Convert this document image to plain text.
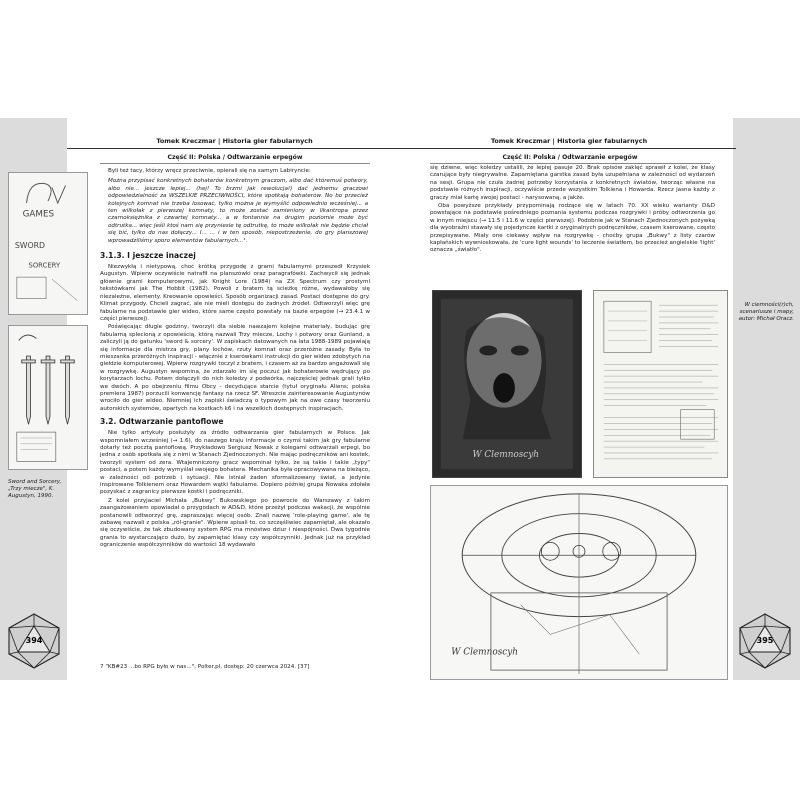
394	395
Tomek Kreczmar | Historia gier fabularnych	Tomek Kreczmar | Historia gier fabularnych
Część II: Polska / Odtwarzanie erpegów	Część II: Polska / Odtwarzanie erpegów
GAMES
SWORD
SORCERY
Sword and Sorcery, „Trzy miecze", K. Augustyn, 1990.

Byli też tacy, którzy wręcz przeciwnie, opierali się na samym Labiryncie:

Można przypisać konkretnych bohaterów konkretnym graczom, albo dać któremuś potwory, albo nie... jeszcze lepiej... (hej! To brzmi jak rewolucja!) dać jednemu graczowi odpowiedzialność za WSZELKIE PRZECIWNOŚCI, które spotkają bohaterów. No bo przecież kolejnych komnat nie trzeba losować, tylko można je wymyślić odpowiednio wcześniej... a ten wilkołak z pierwszej komnaty, to może zostać zamieniony w likantropa przez czarnoksiężnika z czwartej komnaty... a w fontannie na drugim poziomie może być odtrutka... więc jeśli ktoś nam się przyniesie tę odtrutkę, to może wilkołak nie będzie chciał się bić, tylko do nas dołączy... I... ... i w ten sposób, niepostrzeżenie, do gry planszowej wprowadziliśmy sporo elementów fabularnych...¹.

3.1.3. I jeszcze inaczej

Niezwykłą i nietypową, choć krótką przygodę z grami fabularnymi przeszedł Krzysiek Augustyn. Wpierw oczywiście natrafił na planszówki oraz paragrafówki. Zachwycił się jednak głównie grami komputerowymi, jak Knight Lore (1984) na ZX Spectrum czy prostymi tekstówkami jak The Hobbit (1982). Powoli z bratem tą scieżkę różne, wydawałoby się niezależne, elementy. Kreowanie opowieści. Sposób organizacji zasad. Postaci dostępne do gry. Klimat przygody. Chcieli zagrać, ale nie mieli dostępu do żadnych źródeł. Odtworzyli więc grę fabularne na podstawie gier wideo, które same często powstały na bazie erpegów (→ 23.4.1 w części pierwszej).

Poświęcając długie godziny, tworzyli dla siebie nawzajem kolejne materiały, budując grę fabularną splecioną z opowieścią, którą nazwali Trzy miecze, Lochy i potwory oraz Gunland, a zaliczyli ją do gatunku 'sword & sorcery'. W zapiskach datowanych na lata 1988-1989 pojawiają się informacje dla mistrza gry, plany lochów, rzuty komnat oraz przeróżne zasady. Była to mieszanka przeróżnych inspiracji - włącznie z kserówkami instrukcji do gier wideo zdobytych na giełdzie komputerowej. Wpierw rozgrywki toczył z bratem, i czasem aż za bardzo angażowali się w rozgrywkę. Augustyn wspomina, że zdarzało im się poczuć jak bohaterowie wędrujący po korytarzach lochu. Potem dołączyli do nich koledzy z podwórka, najczęściej jednak grali tylko we dwóch. A po obejrzeniu filmu Obcy - decydujące starcie (tytuł oryginału Aliens; polska premiera 1987) porzucili konwencję fantasy na rzecz SF. Wreszcie zainteresowanie Augustynów wrociło do gier wideo. Niemniej ich zapiski świadczą o typowym jak na owe czasy tworzeniu autorskich systemów, opartych na kostkach k6 i na wszelkich dostępnych inspiracjach.

3.2. Odtwarzanie pantoflowe

Nie tylko artykuły posłużyły za źródło odtwarzania gier fabularnych w Polsce. Jak wspomniałem wcześniej (→ 1.6), do naszego kraju informacje o czymś takim jak gry fabularne dotarły też pocztą pantoflową. Przykładowo Sergiusz Nowak z kolegami odtwarzali erpegi, bo jedna z osób spotkała się z nimi w Stanach Zjednoczonych. Nie mając podręczników ani kostek, tworzyli system od zera. Wtajemniczony gracz wspominał tylko, że są takie i takie „typy" postaci, a potem każdy wymyślał swojego bohatera. Mechanika była opracowywana na bieżąco, w zależności od potrzeb i sytuacji. Nie istniał żaden sformalizowany świat, a jedynie inspirowane Tolkienem oraz Howardem wątki fabularne. Dopiero później grupa Nowaka zdołała pozyskać z zagranicy pierwsze kostki i podręczniki.

Z kolei przyjaciel Michała „Bukwy" Bukowskiego po powrocie do Warszawy z takim zaangażowaniem opowiadał o przygodach w AD&D, które przeżył podczas wakacji, że wspólnie postanowili odtworzyć grę, zapraszając więcej osób. Znali nazwę 'role-playing game', ale tę zabawę nazwali z polska „rôl-granie". Wpierw spisali to, co szczęśliwiec zapamiętał, ale okazało się oczywiście, że tak zbudowany system RPG ma mnóstwo dziur i niespójności. Dwa tygodnie grania to wystarczająco dużo, by zapamiętać klasy czy współczynniki. Jednak już na przykład ograniczenie współczynników do wartości 18 wydawało

7 "KB#23 ...bo RPG było w nas...", Polter.pl, dostęp: 20 czerwca 2024. [37]

się dziwne, więc koledzy ustalili, że lepiej pasuje 20. Brak opisów zaklęć sprawił z kolei, że klasy czarujące były niegrywalne. Zapamiętana garstka zasad była uzupełniana w zależności od wydarzeń na sesji. Grupa nie czuła żadnej potrzeby korzystania z konkretnych światów, tworząc własne na podstawie różnych inspiracji, oczywiście przede wszystkim Tolkiena i Howarda. Rzecz jasna każdy z graczy miał kartę swojej postaci - narysowaną, a jakże.

Oba powyższe przykłady przypominają rodzące się w latach 70. XX wieku warianty D&D powstające na podstawie pośredniego poznania systemu podczas rozgrywki i próby odtworzenia go w innym miejscu (→ 11.5 i 11.6 w części pierwszej). Podobnie jak w Stanach Zjednoczonych pożywką dla wyobraźni stawały się pojedyncze kartki z oryginalnych podręczników, czasem kserowane, często przepisywane. Miały one ciekawy wpływ na rozgrywkę - choćby grupa „Bukwy" z listy czarów kapłańskich wywnioskowała, że 'cure light wounds' to leczenie światłem, bo przecież angielskie 'light' oznacza „światło".

W Clemnoscyh
W ciemności(r)ch, scenariusze i mapy, autor: Michał Oracz.
W Clemnoscyh
